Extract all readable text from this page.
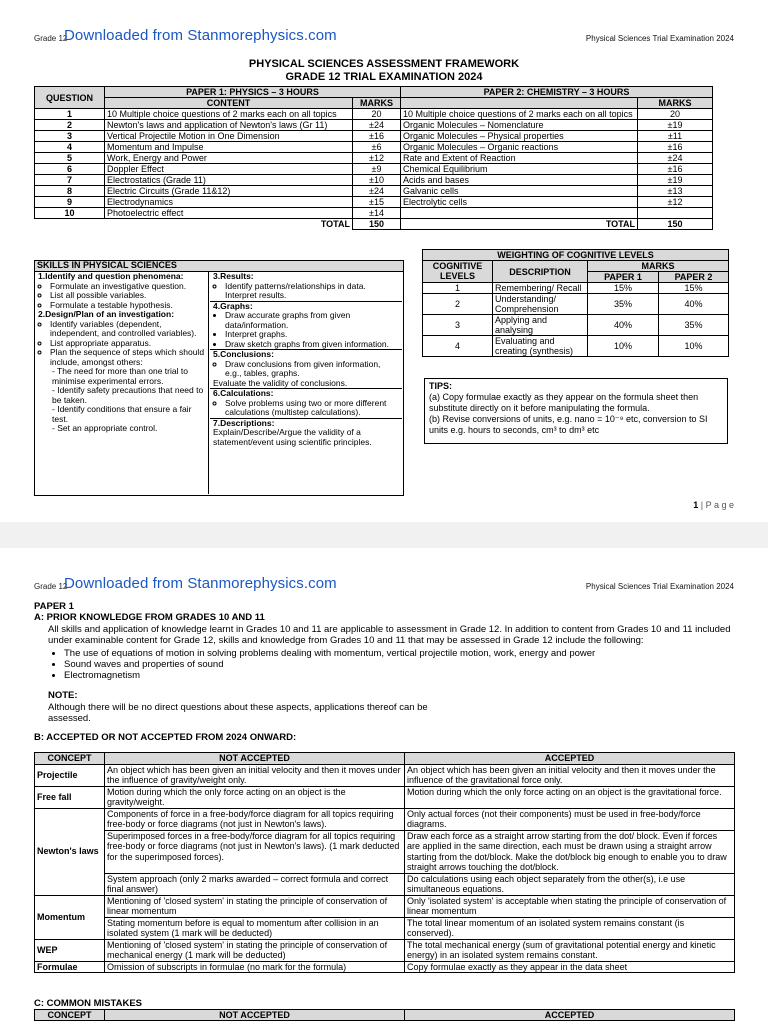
Grade 12
Downloaded from Stanmorephysics.com	Physical Sciences Trial Examination 2024
PHYSICAL SCIENCES ASSESSMENT FRAMEWORK
GRADE 12 TRIAL EXAMINATION 2024
QUESTION	PAPER 1: PHYSICS – 3 HOURS		PAPER 2: CHEMISTRY – 3 HOURS	
	CONTENT	MARKS		MARKS
1	10 Multiple choice questions of 2 marks each on all topics	20	10 Multiple choice questions of 2 marks each on all topics	20
2	Newton's laws and application of Newton's laws (Gr 11)	±24	Organic Molecules – Nomenclature	±19
3	Vertical Projectile Motion in One Dimension	±16	Organic Molecules – Physical properties	±11
4	Momentum and Impulse	±6	Organic Molecules – Organic reactions	±16
5	Work, Energy and Power	±12	Rate and Extent of Reaction	±24
6	Doppler Effect	±9	Chemical Equilibrium	±16
7	Electrostatics (Grade 11)	±10	Acids and bases	±19
8	Electric Circuits (Grade 11&12)	±24	Galvanic cells	±13
9	Electrodynamics	±15	Electrolytic cells	±12
10	Photoelectric effect	±14		
TOTAL		150	TOTAL	150
SKILLS IN PHYSICAL SCIENCES
1.Identify and question phenomena:
◦ Formulate an investigative question.
◦ List all possible variables.
◦ Formulate a testable hypothesis.
2.Design/Plan of an investigation:
◦ Identify variables (dependent, independent, and controlled variables).
◦ List appropriate apparatus.
◦ Plan the sequence of steps which should include, amongst others:
- The need for more than one trial to minimise experimental errors.
- Identify safety precautions that need to be taken.
- Identify conditions that ensure a fair test.
- Set an appropriate control.
3.Results:
◦ Identify patterns/relationships in data. Interpret results.
4.Graphs:
• Draw accurate graphs from given data/information.
• Interpret graphs.
• Draw sketch graphs from given information.
5.Conclusions:
◦ Draw conclusions from given information, e.g., tables, graphs.
Evaluate the validity of conclusions.
6.Calculations:
◦ Solve problems using two or more different calculations (multistep calculations).
7.Descriptions:
Explain/Describe/Argue the validity of a statement/event using scientific principles.
WEIGHTING OF COGNITIVE LEVELS			
COGNITIVE LEVELS	DESCRIPTION	MARKS	
		PAPER 1	PAPER 2
1	Remembering/ Recall	15%	15%
2	Understanding/ Comprehension	35%	40%
3	Applying and analysing	40%	35%
4	Evaluating and creating (synthesis)	10%	10%
TIPS:
(a) Copy formulae exactly as they appear on the formula sheet then substitute directly on it before manipulating the formula.
(b) Revise conversions of units, e.g. nano = 10⁻⁹ etc, conversion to SI units e.g. hours to seconds, cm³ to dm³ etc
1 | P a g e
Grade 12
Downloaded from Stanmorephysics.com	Physical Sciences Trial Examination 2024
PAPER 1
A: PRIOR KNOWLEDGE FROM GRADES 10 AND 11
All skills and application of knowledge learnt in Grades 10 and 11 are applicable to assessment in Grade 12. In addition to content from Grades 10 and 11 included under examinable content for Grade 12, skills and knowledge from Grades 10 and 11 that may be assessed in Grade 12 include the following:
• The use of equations of motion in solving problems dealing with momentum, vertical projectile motion, work, energy and power
• Sound waves and properties of sound
• Electromagnetism
NOTE:
Although there will be no direct questions about these aspects, applications thereof can be assessed.
B: ACCEPTED OR NOT ACCEPTED FROM 2024 ONWARD:
CONCEPT	NOT ACCEPTED	ACCEPTED
Projectile	An object which has been given an initial velocity and then it moves under the influence of gravity/weight only.	An object which has been given an initial velocity and then it moves under the influence of the gravitational force only.
Free fall	Motion during which the only force acting on an object is the gravity/weight.	Motion during which the only force acting on an object is the gravitational force.
Newton's laws	Components of force in a free-body/force diagram for all topics requiring free-body or force diagrams (not just in Newton's laws).	Only actual forces (not their components) must be used in free-body/force diagrams.
	Superimposed forces in a free-body/force diagram for all topics requiring free-body or force diagrams (not just in Newton's laws). (1 mark deducted for the superimposed forces).	Draw each force as a straight arrow starting from the dot/ block. Even if forces are applied in the same direction, each must be drawn using a straight arrow starting from the dot/block. Make the dot/block big enough to enable you to draw straight arrows touching the dot/block.
	System approach (only 2 marks awarded – correct formula and correct final answer)	Do calculations using each object separately from the other(s), i.e use simultaneous equations.
Momentum	Mentioning of 'closed system' in stating the principle of conservation of linear momentum	Only 'isolated system' is acceptable when stating the principle of conservation of linear momentum
	Stating momentum before is equal to momentum after collision in an isolated system (1 mark will be deducted)	The total linear momentum of an isolated system remains constant (is conserved).
WEP	Mentioning of 'closed system' in stating the principle of conservation of mechanical energy (1 mark will be deducted)	The total mechanical energy (sum of gravitational potential energy and kinetic energy) in an isolated system remains constant.
Formulae	Omission of subscripts in formulae (no mark for the formula)	Copy formulae exactly as they appear in the data sheet
C: COMMON MISTAKES
CONCEPT	NOT ACCEPTED	ACCEPTED
